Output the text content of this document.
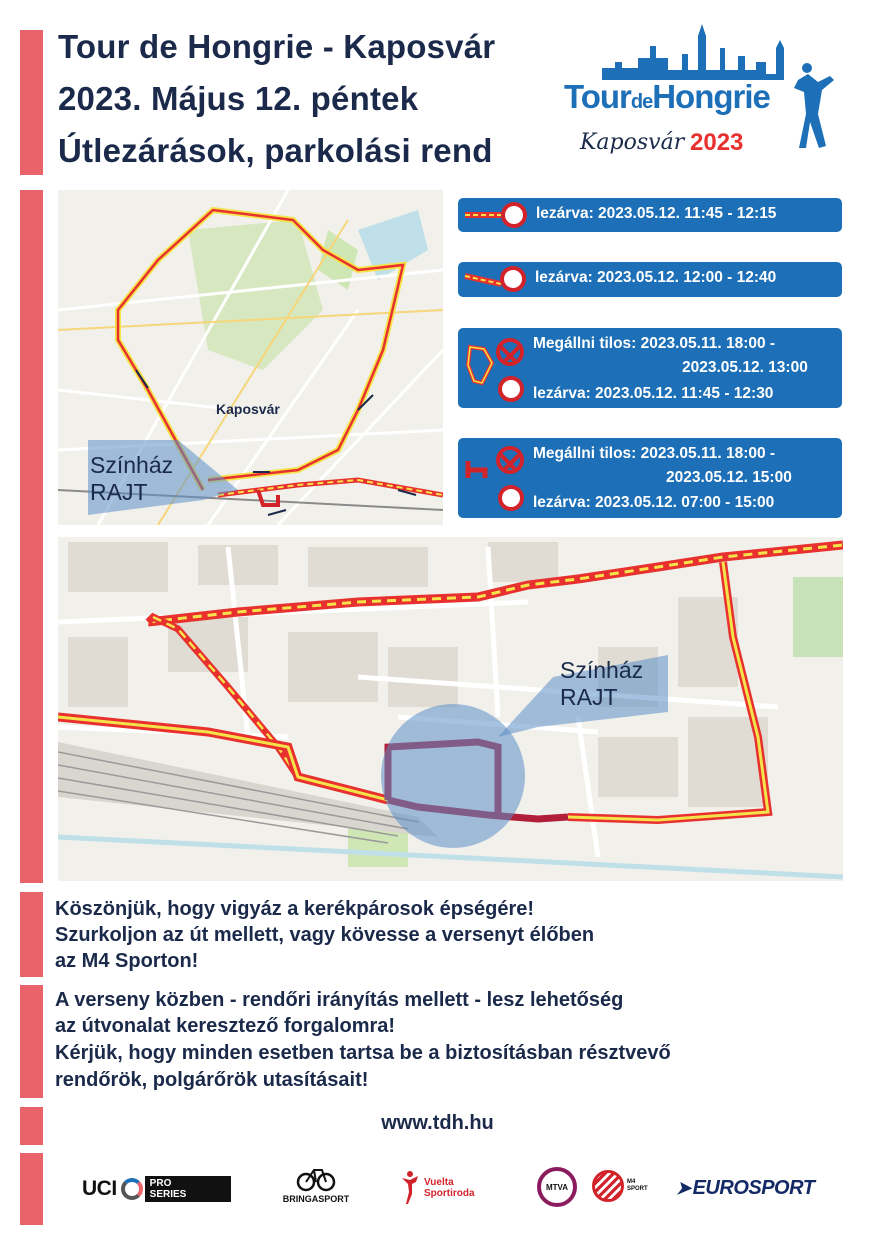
Tour de Hongrie - Kaposvár
2023. Május 12. péntek
Útlezárások, parkolási rend
TourdeHongrie
Kaposvár 2023
Kaposvár
Színház
RAJT
lezárva: 2023.05.12. 11:45 - 12:15
lezárva: 2023.05.12. 12:00 - 12:40
Megállni tilos: 2023.05.11. 18:00 -
2023.05.12. 13:00
lezárva: 2023.05.12. 11:45 - 12:30
Megállni tilos: 2023.05.11. 18:00 -
2023.05.12. 15:00
lezárva: 2023.05.12. 07:00 - 15:00
Színház
RAJT
Köszönjük, hogy vigyáz a kerékpárosok épségére!
Szurkoljon az út mellett, vagy kövesse a versenyt élőben
az M4 Sporton!
A verseny közben - rendőri irányítás mellett - lesz lehetőség
az útvonalat keresztező forgalomra!
Kérjük, hogy minden esetben tartsa be a biztosításban résztvevő
rendőrök, polgárőrök utasításait!
www.tdh.hu
UCI	PRO
SERIES	BRINGASPORT
Vuelta
Sportiroda
MTVA
M4
SPORT ➤ EUROSPORT
